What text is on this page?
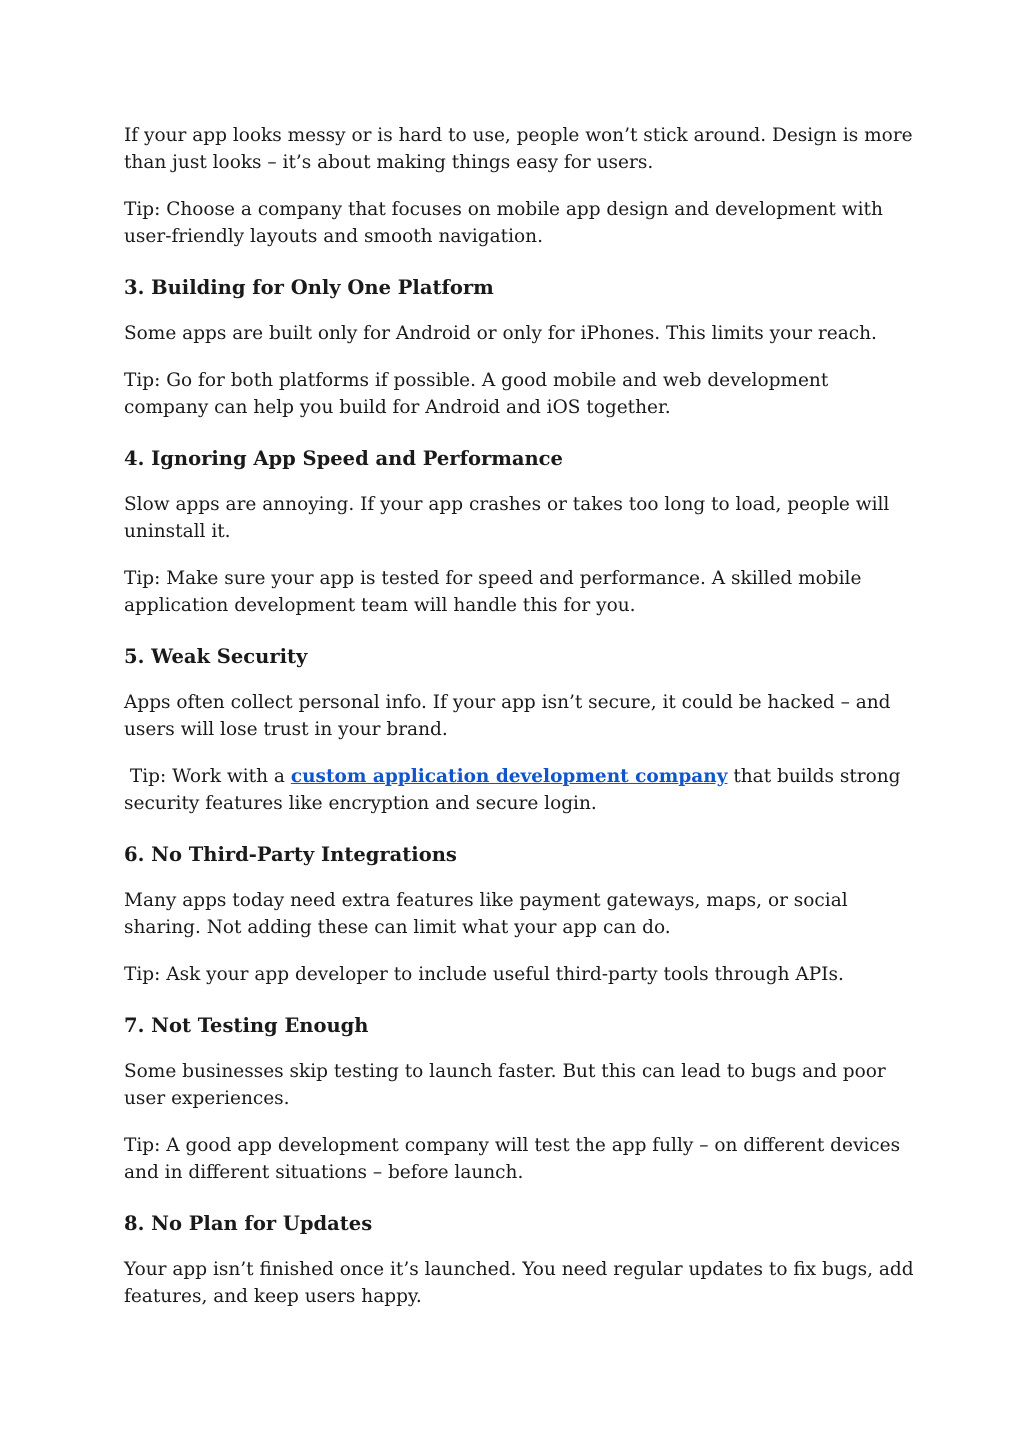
If your app looks messy or is hard to use, people won’t stick around. Design is more than just looks – it’s about making things easy for users.

Tip: Choose a company that focuses on mobile app design and development with user-friendly layouts and smooth navigation.

3. Building for Only One Platform

Some apps are built only for Android or only for iPhones. This limits your reach.

Tip: Go for both platforms if possible. A good mobile and web development company can help you build for Android and iOS together.

4. Ignoring App Speed and Performance

Slow apps are annoying. If your app crashes or takes too long to load, people will uninstall it.

Tip: Make sure your app is tested for speed and performance. A skilled mobile application development team will handle this for you.

5. Weak Security

Apps often collect personal info. If your app isn’t secure, it could be hacked – and users will lose trust in your brand.

Tip: Work with a custom application development company that builds strong security features like encryption and secure login.

6. No Third-Party Integrations

Many apps today need extra features like payment gateways, maps, or social sharing. Not adding these can limit what your app can do.

Tip: Ask your app developer to include useful third-party tools through APIs.

7. Not Testing Enough

Some businesses skip testing to launch faster. But this can lead to bugs and poor user experiences.

Tip: A good app development company will test the app fully – on different devices and in different situations – before launch.

8. No Plan for Updates

Your app isn’t finished once it’s launched. You need regular updates to fix bugs, add features, and keep users happy.
